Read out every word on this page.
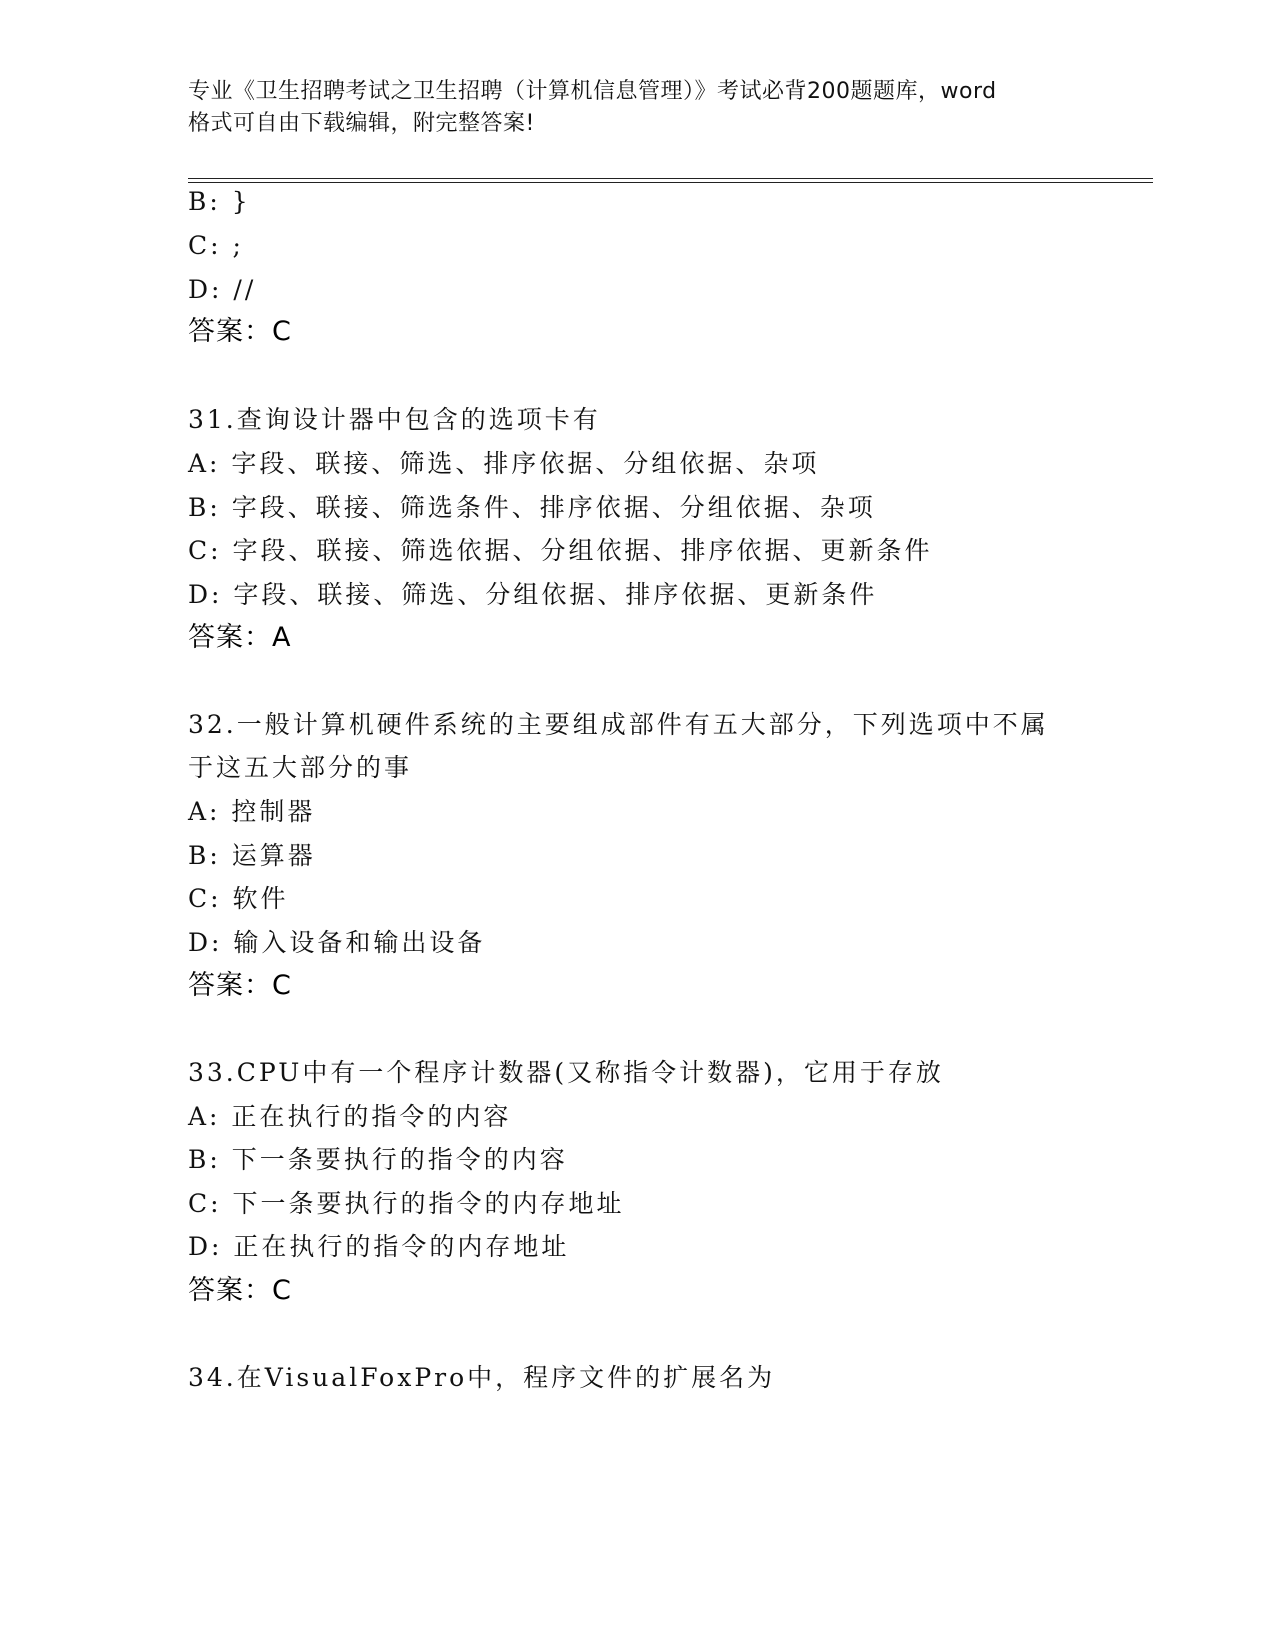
专业《卫生招聘考试之卫生招聘（计算机信息管理）》考试必背200题题库，word
格式可自由下载编辑，附完整答案!
B: }
C: ;
D: //
答案：C
31.查询设计器中包含的选项卡有
A: 字段、联接、筛选、排序依据、分组依据、杂项
B: 字段、联接、筛选条件、排序依据、分组依据、杂项
C: 字段、联接、筛选依据、分组依据、排序依据、更新条件
D: 字段、联接、筛选、分组依据、排序依据、更新条件
答案：A
32.一般计算机硬件系统的主要组成部件有五大部分，下列选项中不属
于这五大部分的事
A: 控制器
B: 运算器
C: 软件
D: 输入设备和输出设备
答案：C
33.CPU中有一个程序计数器(又称指令计数器)，它用于存放
A: 正在执行的指令的内容
B: 下一条要执行的指令的内容
C: 下一条要执行的指令的内存地址
D: 正在执行的指令的内存地址
答案：C
34.在VisualFoxPro中，程序文件的扩展名为
